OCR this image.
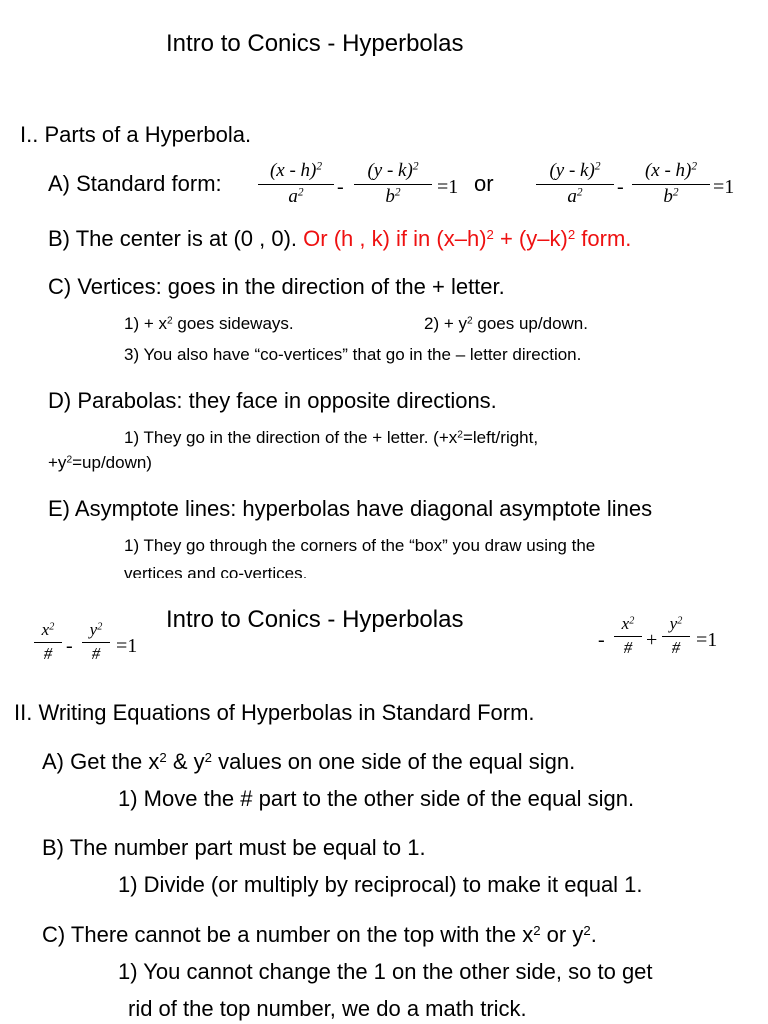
Intro to Conics - Hyperbolas
I.. Parts of a Hyperbola.
A) Standard form:
(x - h)$^2$
$a^2$	-
(y - k)$^2$
$b^2$	=1 or
(y - k)$^2$
$a^2$	-
(x - h)$^2$
$b^2$	=1
B) The center is at (0 , 0). Or (h , k) if in $(x-h)^2 + (y-k)^2$ form.
C) Vertices: goes in the direction of the + letter.
$1) + x^2$ goes sideways.	$2) + y^2$ goes up/down.
3) You also have “co-vertices” that go in the – letter direction.
D) Parabolas: they face in opposite directions.
1) They go in the direction of the + letter. ($+x^2=left$/right,
$+y^2=up/down$)
E) Asymptote lines: hyperbolas have diagonal asymptote lines
1) They go through the corners of the “box” you draw using the
vertices and co-vertices.
Intro to Conics - Hyperbolas
$x^2$
# -
$y^2$
# =1	-
$x^2$
# +
$y^2$
# =1
II. Writing Equations of Hyperbolas in Standard Form.
A) Get the $x^2$ & $y^2$ values on one side of the equal sign.
1) Move the # part to the other side of the equal sign.
B) The number part must be equal to 1.
1) Divide (or multiply by reciprocal) to make it equal 1.
C) There cannot be a number on the top with the $x^2$ or $y^2$.
1) You cannot change the 1 on the other side, so to get
rid of the top number, we do a math trick.
